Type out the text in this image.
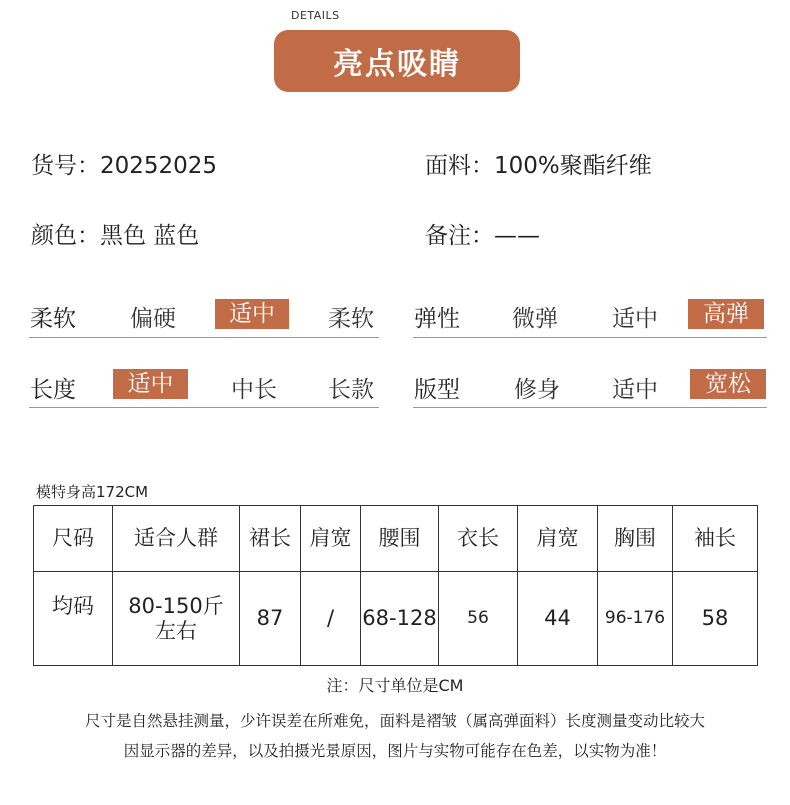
DETAILS
亮点吸睛
货号：20252025	面料：100%聚酯纤维
颜色：黑色 蓝色	备注：——
柔软	偏硬	适中	柔软	弹性	微弹	适中	高弹
长度	适中	中长	长款	版型	修身	适中	宽松
模特身高172CM
尺码	适合人群	裙长	肩宽	腰围	衣长	肩宽	胸围	袖长
均码	80-150斤 左右	87	/	68-128	56	44	96-176	58
注：尺寸单位是CM
尺寸是自然悬挂测量，少许误差在所难免，面料是褶皱（属高弹面料）长度测量变动比较大
因显示器的差异，以及拍摄光景原因，图片与实物可能存在色差，以实物为准！
